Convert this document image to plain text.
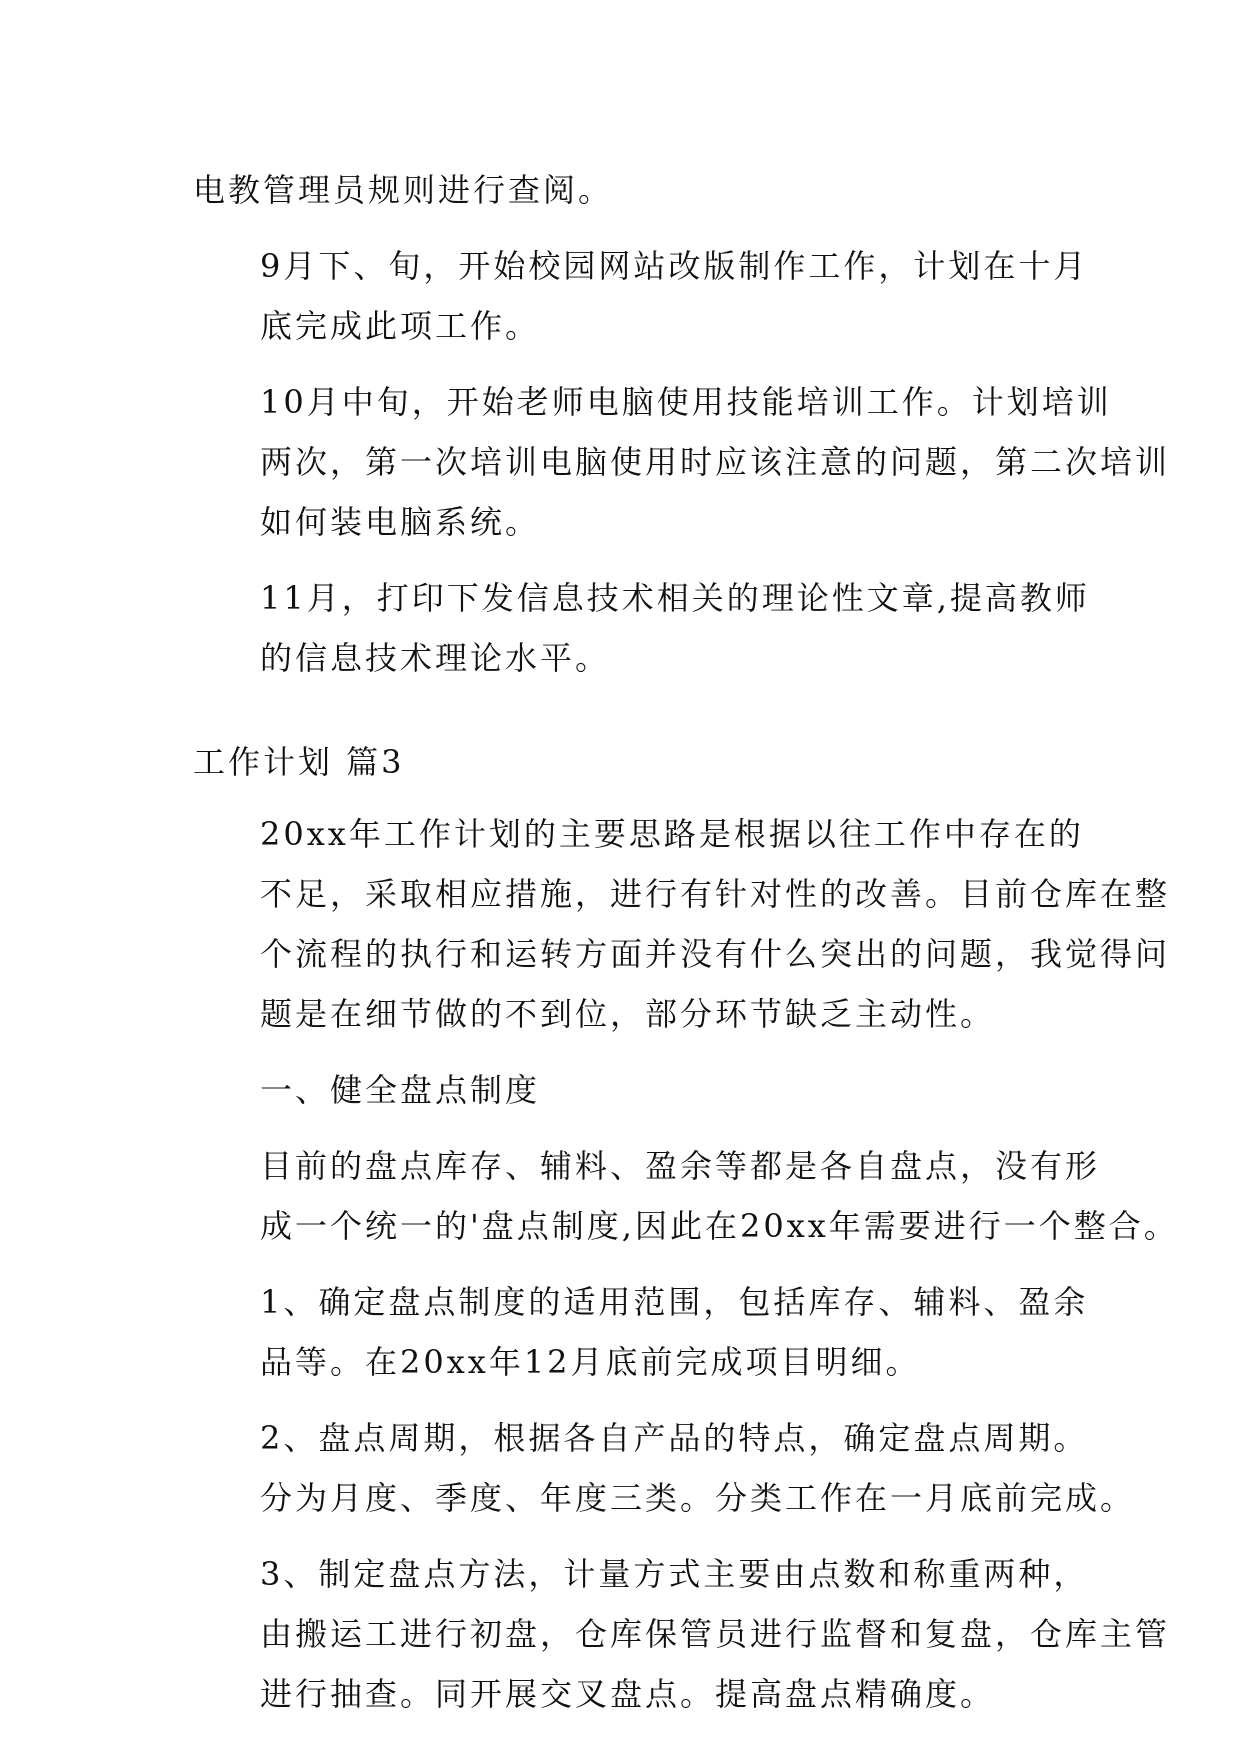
电教管理员规则进行查阅。
9月下、旬，开始校园网站改版制作工作，计划在十月
底完成此项工作。
10月中旬，开始老师电脑使用技能培训工作。计划培训
两次，第一次培训电脑使用时应该注意的问题，第二次培训
如何装电脑系统。
11月，打印下发信息技术相关的理论性文章,提高教师
的信息技术理论水平。
工作计划 篇3
20xx年工作计划的主要思路是根据以往工作中存在的
不足，采取相应措施，进行有针对性的改善。目前仓库在整
个流程的执行和运转方面并没有什么突出的问题，我觉得问
题是在细节做的不到位，部分环节缺乏主动性。
一、健全盘点制度
目前的盘点库存、辅料、盈余等都是各自盘点，没有形
成一个统一的'盘点制度,因此在20xx年需要进行一个整合。
1、确定盘点制度的适用范围，包括库存、辅料、盈余
品等。在20xx年12月底前完成项目明细。
2、盘点周期，根据各自产品的特点，确定盘点周期。
分为月度、季度、年度三类。分类工作在一月底前完成。
3、制定盘点方法，计量方式主要由点数和称重两种，
由搬运工进行初盘，仓库保管员进行监督和复盘，仓库主管
进行抽查。同开展交叉盘点。提高盘点精确度。
